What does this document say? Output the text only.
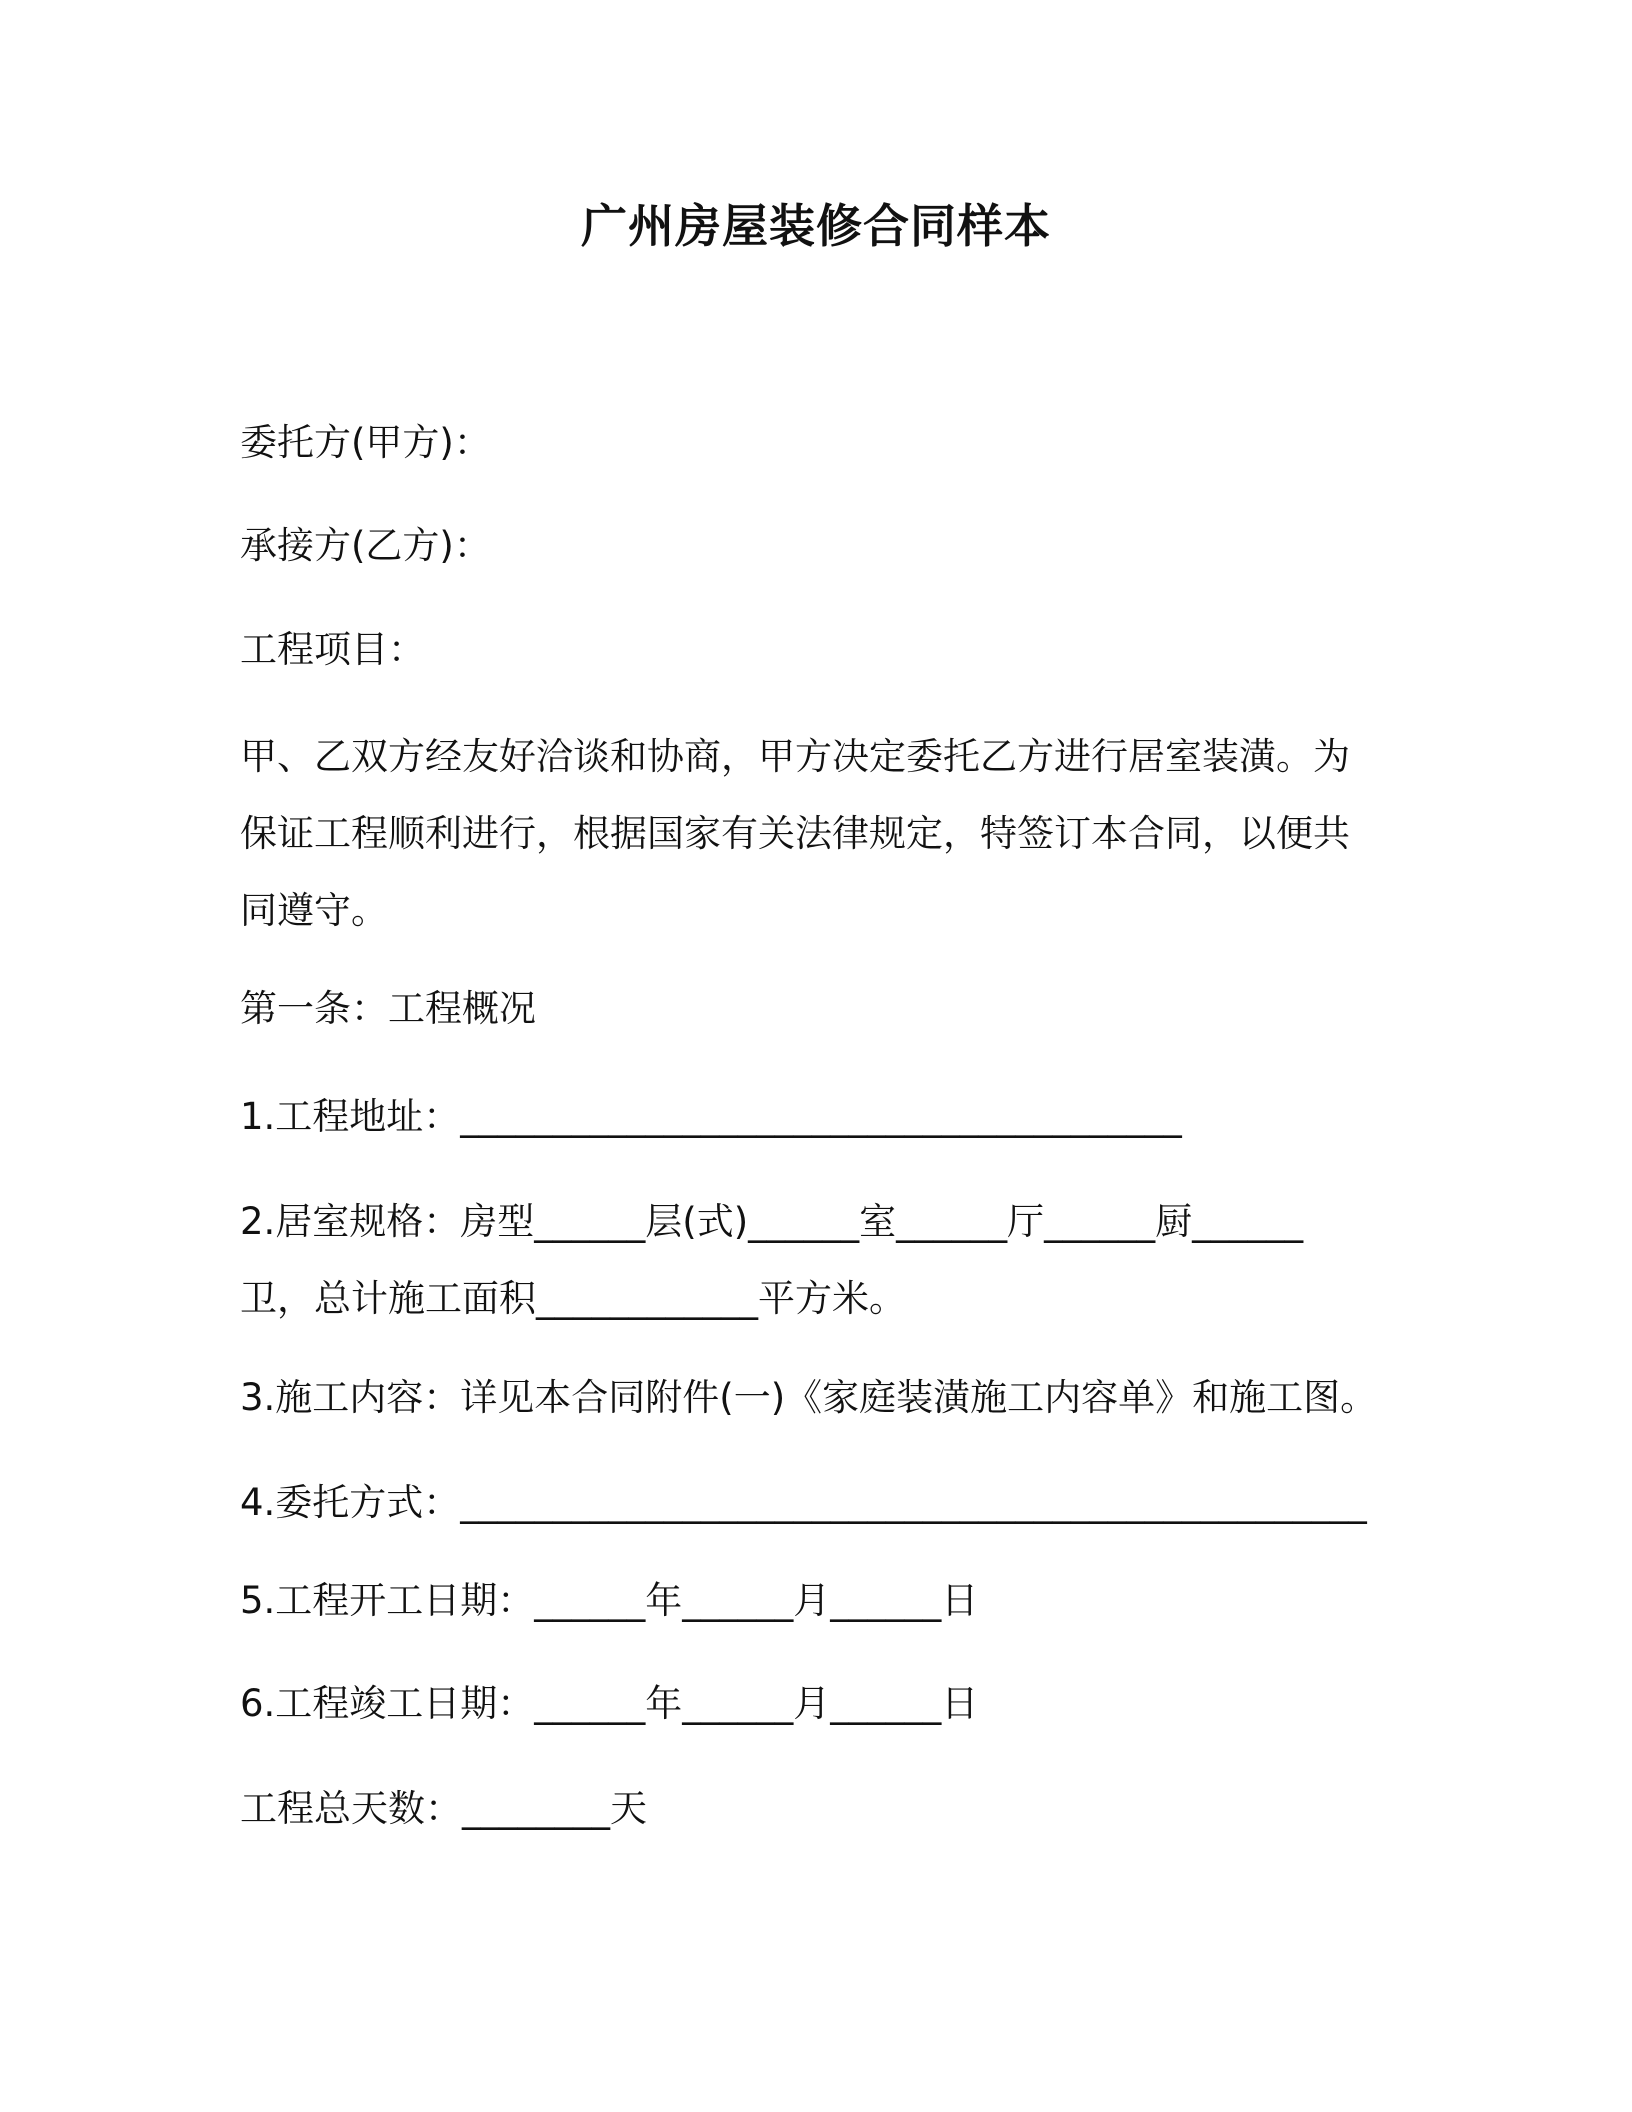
广州房屋装修合同样本
委托方(甲方)：
承接方(乙方)：
工程项目：
甲、乙双方经友好洽谈和协商，甲方决定委托乙方进行居室装潢。为
保证工程顺利进行，根据国家有关法律规定，特签订本合同，以便共
同遵守。
第一条：工程概况
1.工程地址：_______________________________________
2.居室规格：房型______层(式)______室______厅______厨______
卫，总计施工面积____________平方米。
3.施工内容：详见本合同附件(一)《家庭装潢施工内容单》和施工图。
4.委托方式：_________________________________________________
5.工程开工日期：______年______月______日
6.工程竣工日期：______年______月______日
工程总天数：________天
